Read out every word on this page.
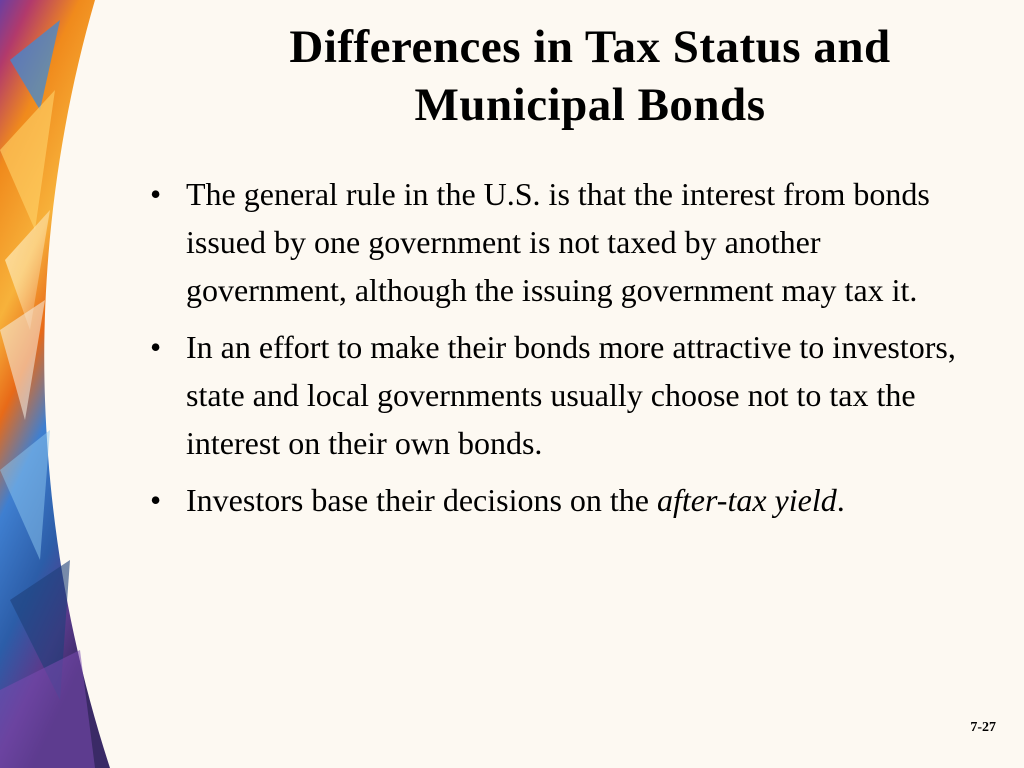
Differences in Tax Status and
Municipal Bonds
• The general rule in the U.S. is that the interest from bonds issued by one government is not taxed by another government, although the issuing government may tax it.
• In an effort to make their bonds more attractive to investors, state and local governments usually choose not to tax the interest on their own bonds.
• Investors base their decisions on the after-tax yield.
7-27
